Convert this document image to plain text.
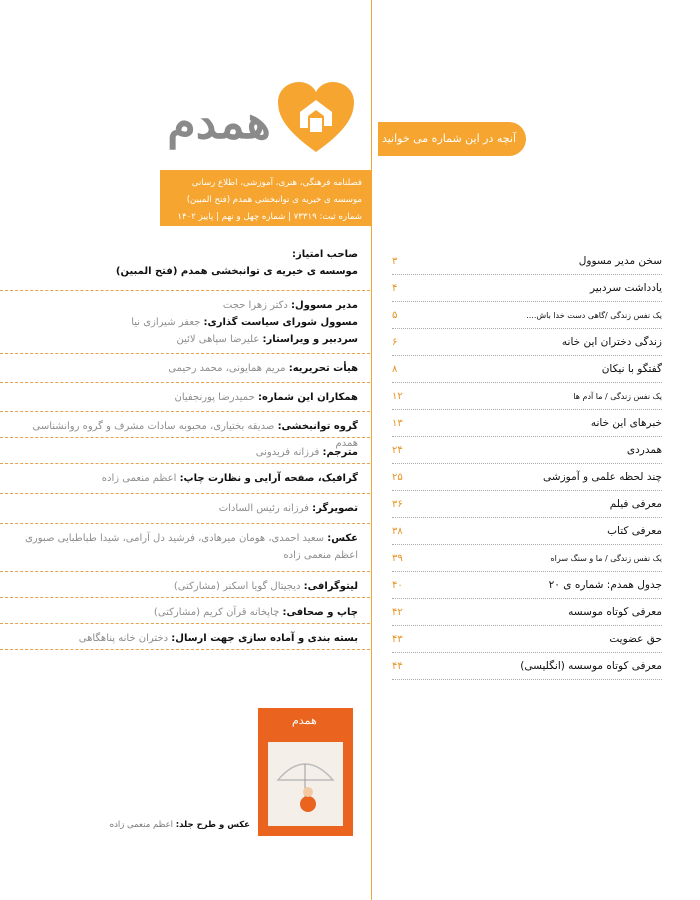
آنچه در این شماره می خوانید
سخن مدیر مسوول
۳
یادداشت سردبیر
۴
یک نفس زندگی /گاهی دست خدا باش....
۵
زندگی دختران این خانه
۶
گفتگو با نیکان
۸
یک نفس زندگی / ما آدم ها
۱۲
خبرهای این خانه
۱۳
همدردی
۲۴
چند لحظه علمی و آموزشی
۲۵
معرفی فیلم
۳۶
معرفی کتاب
۳۸
یک نفس زندگی / ما و سنگ سراه
۳۹
جدول همدم: شماره ی ۲۰
۴۰
معرفی کوتاه موسسه
۴۲
حق عضویت
۴۳
معرفی کوتاه موسسه (انگلیسی)
۴۴
همدم
فصلنامه فرهنگی، هنری، آموزشی، اطلاع رسانی
موسسه ی خیریه ی توانبخشی همدم (فتح المبین)
شماره ثبت: ۷۳۳۱۹ | شماره چهل و نهم | پاییز ۱۴۰۲
صاحب امتیاز:
موسسه ی خیریه ی توانبخشی همدم (فتح المبین)
مدیر مسوول: دکتر زهرا حجت
مسوول شورای سیاست گذاری: جعفر شیرازی نیا
سردبیر و ویراستار: علیرضا سپاهی لائین
هیأت تحریریه: مریم همایونی، محمد رحیمی
همکاران این شماره: حمیدرضا پورنجفیان
گروه توانبخشی: صدیقه بختیاری، محبوبه سادات مشرف و گروه روانشناسی همدم
مترجم: فرزانه فریدونی
گرافیک، صفحه آرایی و نظارت چاپ: اعظم منعمی زاده
تصویرگر: فرزانه رئیس السادات
عکس: سعید احمدی، هومان میرهادی، فرشید دل آرامی، شیدا طباطبایی صبوری اعظم منعمی زاده
لیتوگرافی: دیجیتال گویا اسکنر (مشارکتی)
چاپ و صحافی: چاپخانه قرآن کریم (مشارکتی)
بسته بندی و آماده سازی جهت ارسال: دختران خانه پناهگاهی
همدم
عکس و طرح جلد: اعظم منعمی زاده
